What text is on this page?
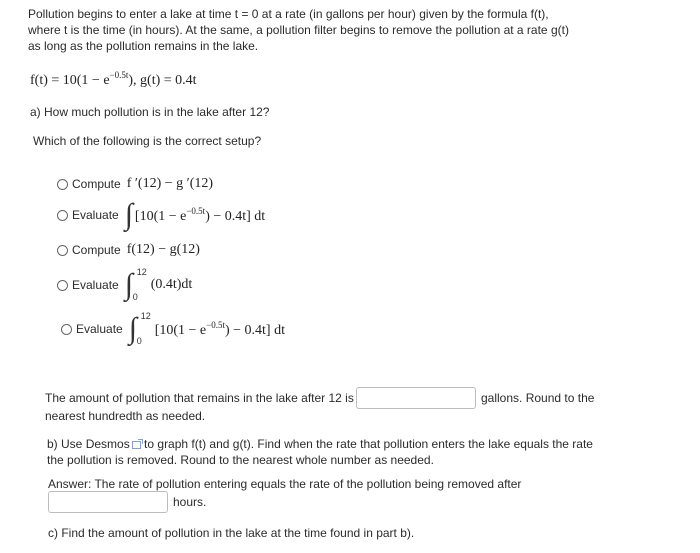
Pollution begins to enter a lake at time t = 0 at a rate (in gallons per hour) given by the formula f(t),
where t is the time (in hours). At the same, a pollution filter begins to remove the pollution at a rate g(t)
as long as the pollution remains in the lake.
$f(t) = 10(1 - e^{-0.5t})$, g(t) = 0.4t
a) How much pollution is in the lake after 12?
Which of the following is the correct setup?
Compute f ′(12) − g ′(12)
Evaluate ∫ $[10(1 - e^{-0.5t}) - 0.4t]$ dt
Compute f(12) − g(12)
Evaluate ∫ 12
0
(0.4t)dt
Evaluate ∫ 12
0
$[10(1 - e^{-0.5t}) - 0.4t]$ dt
The amount of pollution that remains in the lake after 12 is	gallons. Round to the
nearest hundredth as needed.
b) Use Desmos to graph f(t) and g(t). Find when the rate that pollution enters the lake equals the rate
the pollution is removed. Round to the nearest whole number as needed.
Answer: The rate of pollution entering equals the rate of the pollution being removed after
hours.
c) Find the amount of pollution in the lake at the time found in part b).
